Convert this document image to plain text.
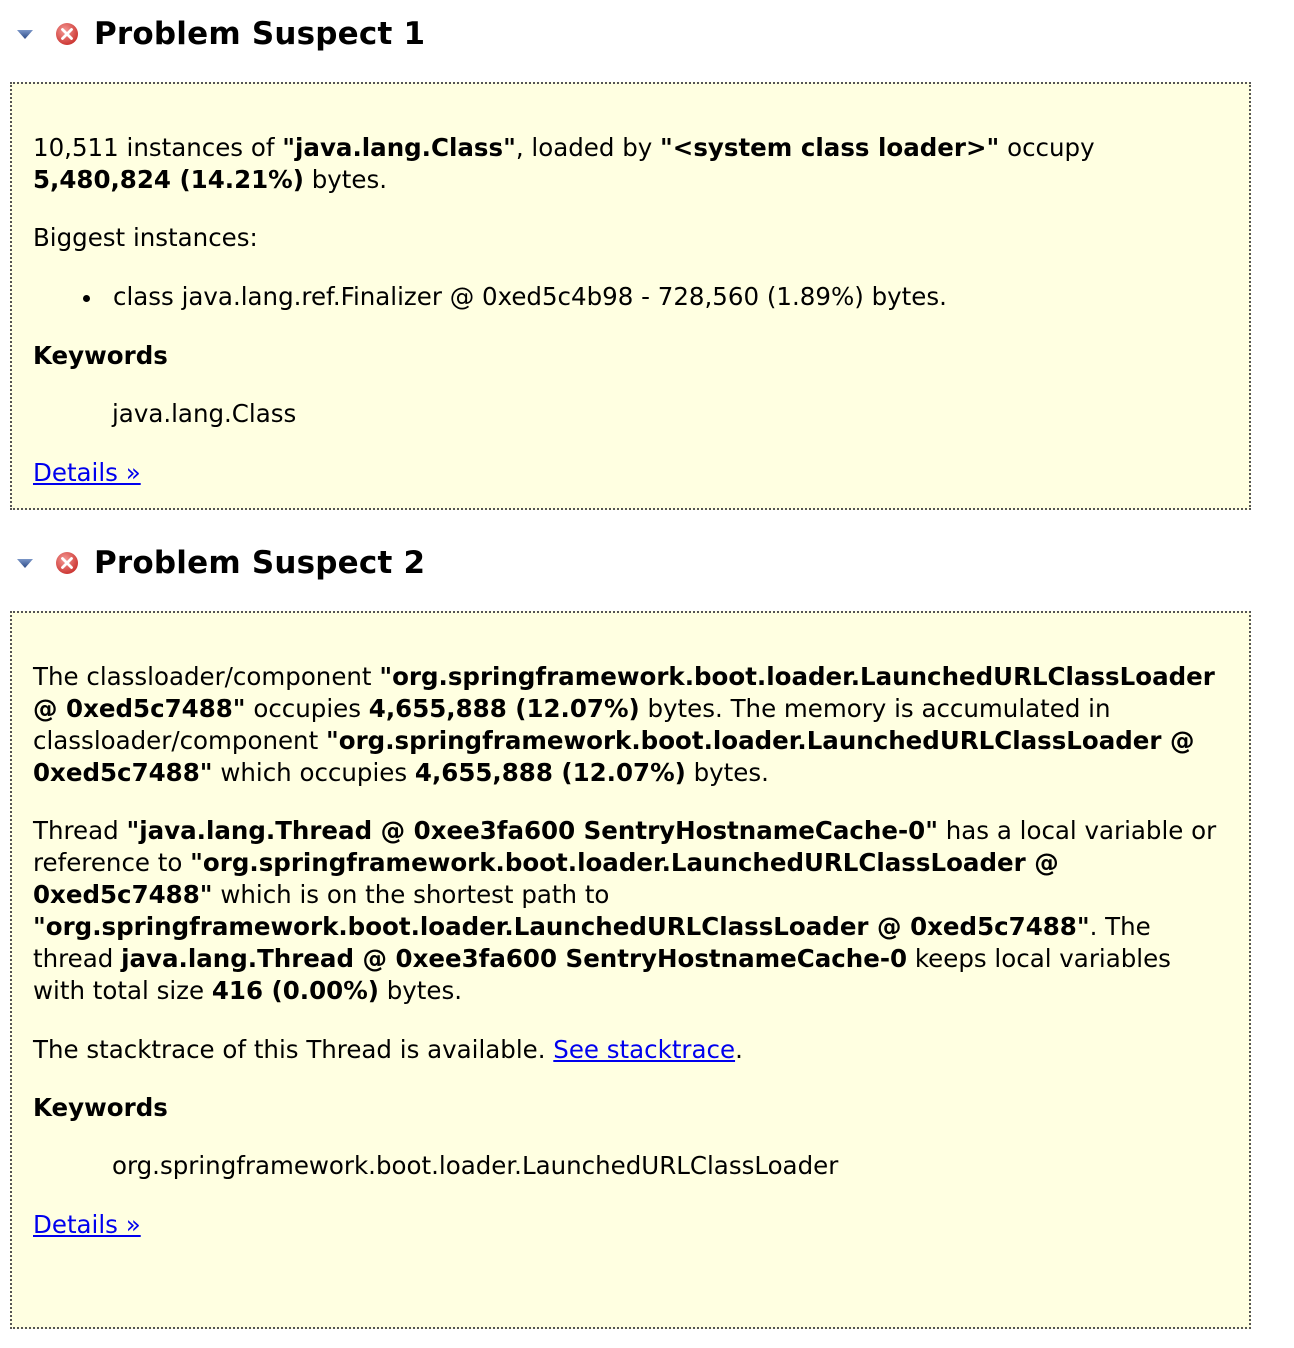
Problem Suspect 1

10,511 instances of "java.lang.Class", loaded by "<system class loader>" occupy 5,480,824 (14.21%) bytes.

Biggest instances:

class java.lang.ref.Finalizer @ 0xed5c4b98 - 728,560 (1.89%) bytes.

Keywords

java.lang.Class

Details »

Problem Suspect 2

The classloader/component "org.springframework.boot.loader.LaunchedURLClassLoader @ 0xed5c7488" occupies 4,655,888 (12.07%) bytes. The memory is accumulated in classloader/component "org.springframework.boot.loader.LaunchedURLClassLoader @ 0xed5c7488" which occupies 4,655,888 (12.07%) bytes.

Thread "java.lang.Thread @ 0xee3fa600 SentryHostnameCache-0" has a local variable or reference to "org.springframework.boot.loader.LaunchedURLClassLoader @ 0xed5c7488" which is on the shortest path to "org.springframework.boot.loader.LaunchedURLClassLoader @ 0xed5c7488". The thread java.lang.Thread @ 0xee3fa600 SentryHostnameCache-0 keeps local variables with total size 416 (0.00%) bytes.

The stacktrace of this Thread is available. See stacktrace.

Keywords

org.springframework.boot.loader.LaunchedURLClassLoader

Details »
